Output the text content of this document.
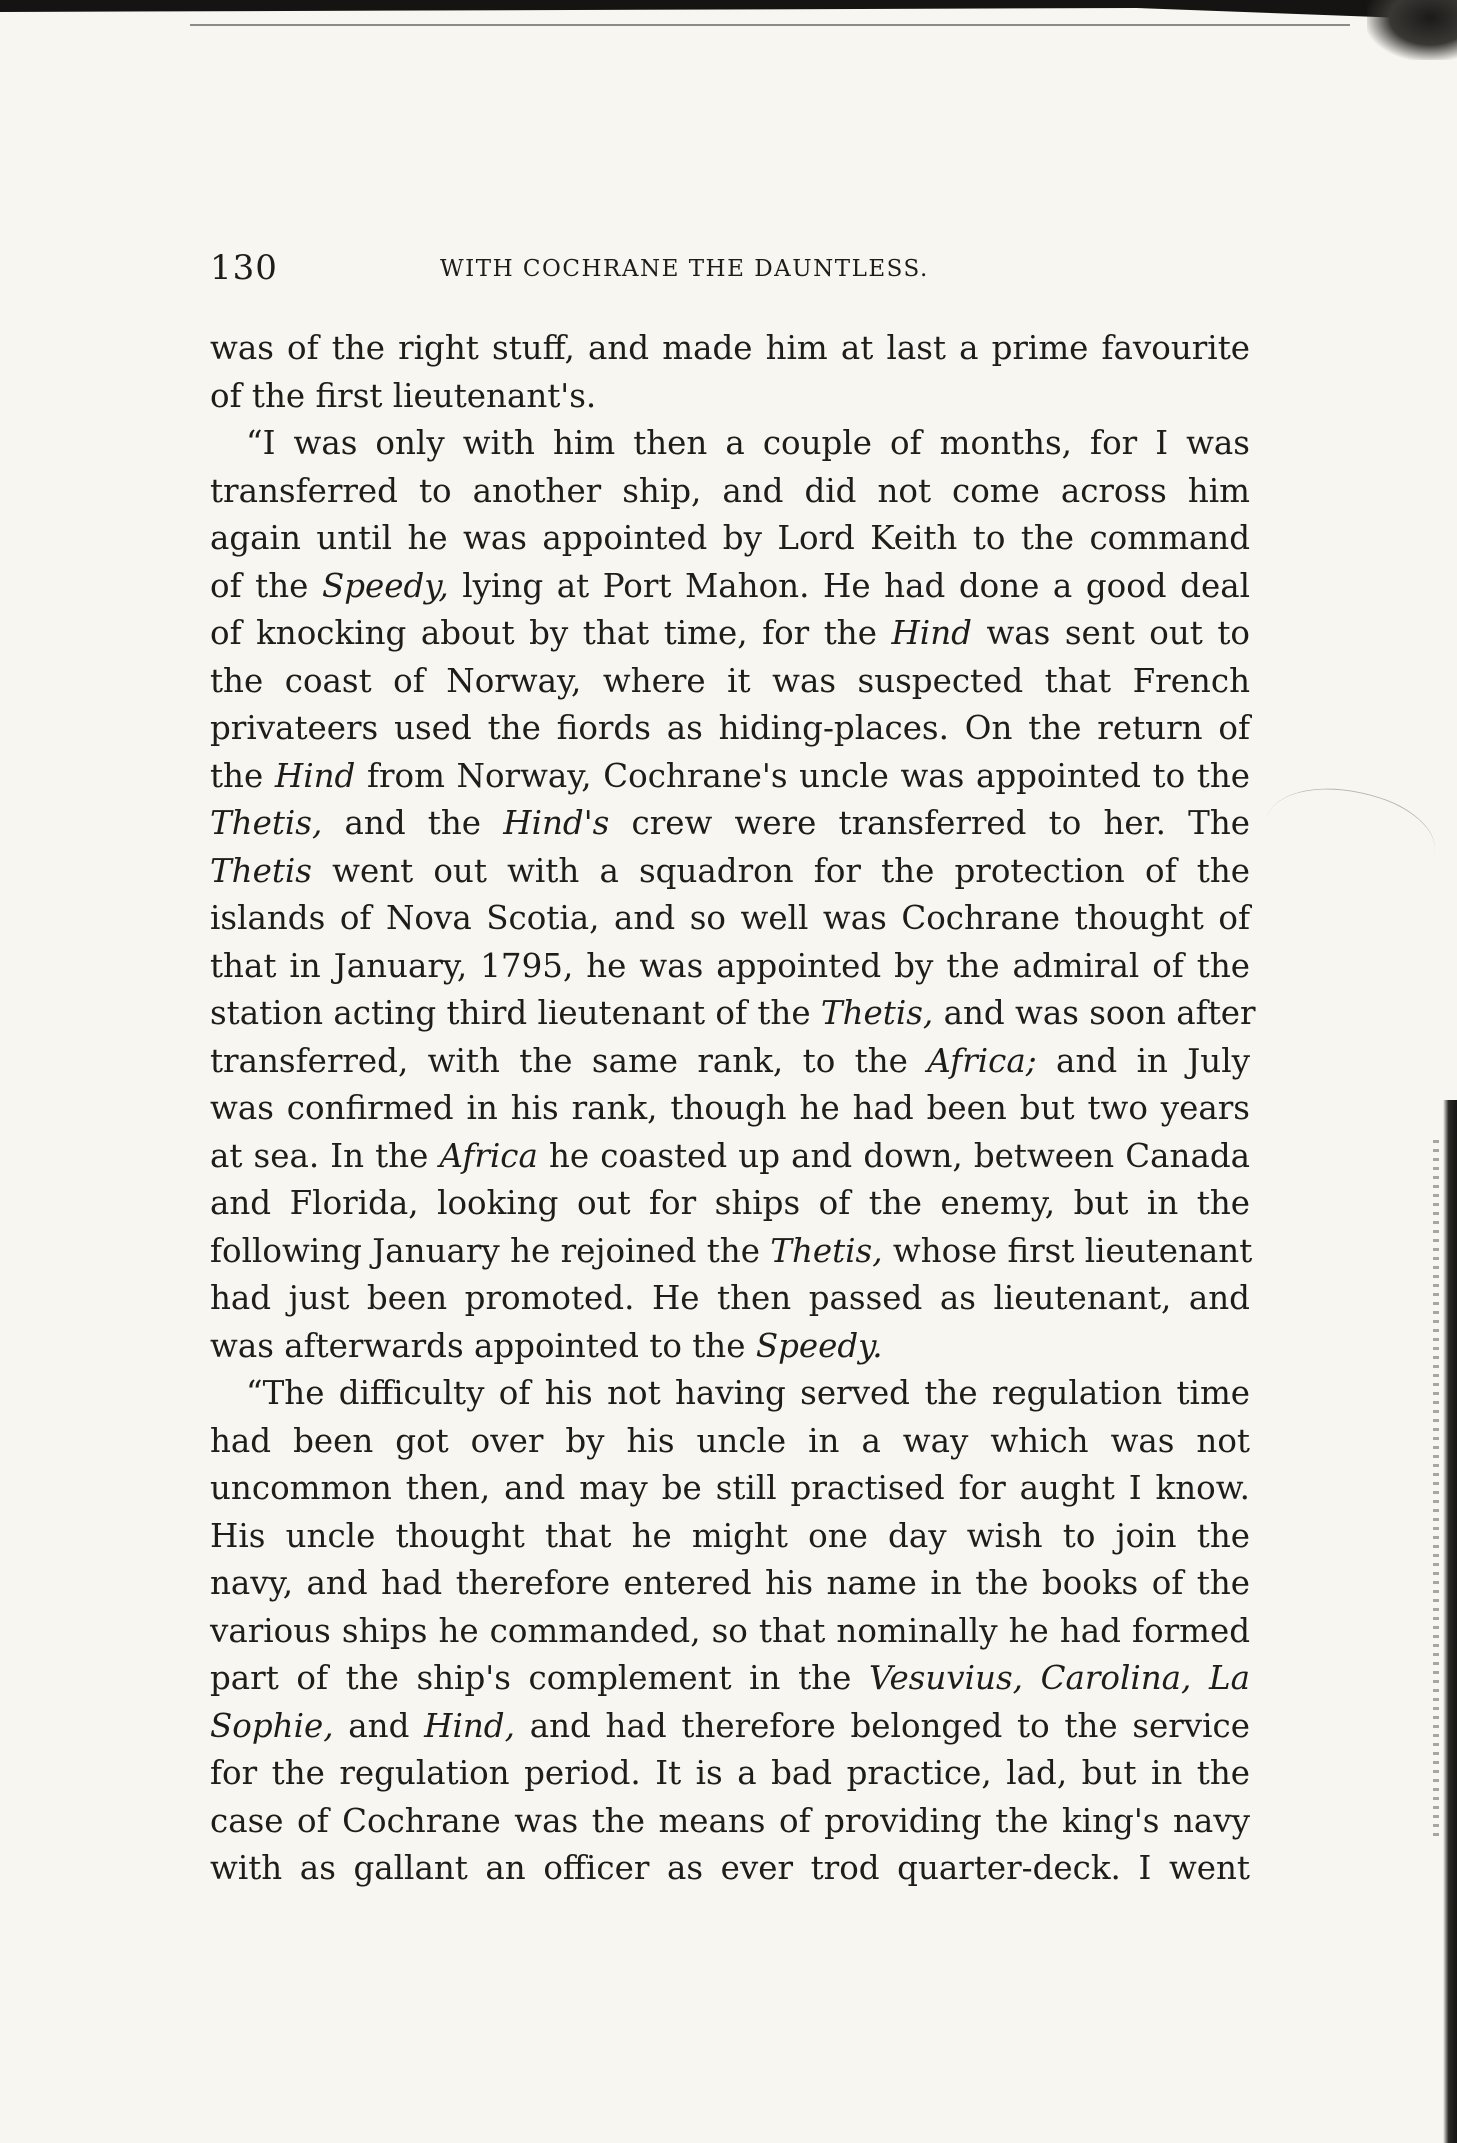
130	WITH COCHRANE THE DAUNTLESS.
was of the right stuff, and made him at last a prime favourite
of the first lieutenant's.
“I was only with him then a couple of months, for I was
transferred to another ship, and did not come across him
again until he was appointed by Lord Keith to the command
of the Speedy, lying at Port Mahon. He had done a good deal
of knocking about by that time, for the Hind was sent out to
the coast of Norway, where it was suspected that French
privateers used the fiords as hiding-places. On the return of
the Hind from Norway, Cochrane's uncle was appointed to the
Thetis, and the Hind's crew were transferred to her. The
Thetis went out with a squadron for the protection of the
islands of Nova Scotia, and so well was Cochrane thought of
that in January, 1795, he was appointed by the admiral of the
station acting third lieutenant of the Thetis, and was soon after
transferred, with the same rank, to the Africa; and in July
was confirmed in his rank, though he had been but two years
at sea. In the Africa he coasted up and down, between Canada
and Florida, looking out for ships of the enemy, but in the
following January he rejoined the Thetis, whose first lieutenant
had just been promoted. He then passed as lieutenant, and
was afterwards appointed to the Speedy.
“The difficulty of his not having served the regulation time
had been got over by his uncle in a way which was not
uncommon then, and may be still practised for aught I know.
His uncle thought that he might one day wish to join the
navy, and had therefore entered his name in the books of the
various ships he commanded, so that nominally he had formed
part of the ship's complement in the Vesuvius, Carolina, La
Sophie, and Hind, and had therefore belonged to the service
for the regulation period. It is a bad practice, lad, but in the
case of Cochrane was the means of providing the king's navy
with as gallant an officer as ever trod quarter-deck. I went
